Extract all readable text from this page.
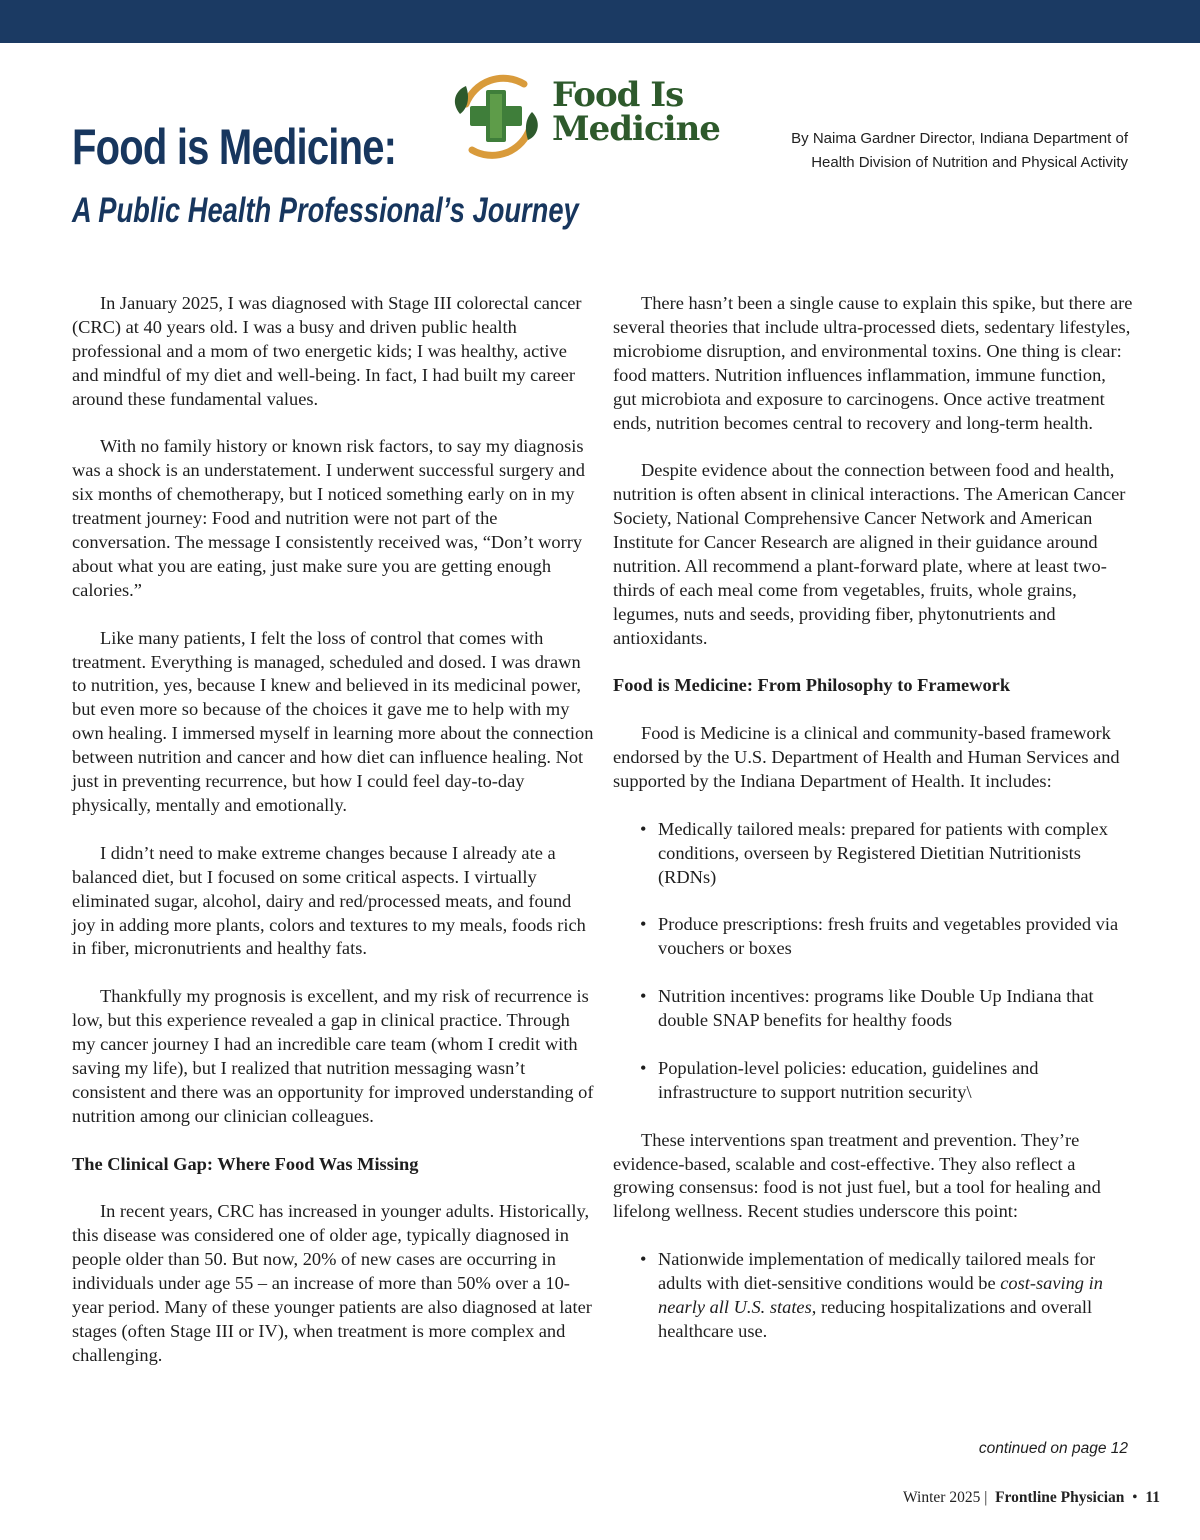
Food is Medicine:
A Public Health Professional’s Journey
Food Is
Medicine	By Naima Gardner Director, Indiana Department of Health Division of Nutrition and Physical Activity

In January 2025, I was diagnosed with Stage III colorectal cancer (CRC) at 40 years old. I was a busy and driven public health professional and a mom of two energetic kids; I was healthy, active and mindful of my diet and well-being. In fact, I had built my career around these fundamental values.

With no family history or known risk factors, to say my diagnosis was a shock is an understatement. I underwent successful surgery and six months of chemotherapy, but I noticed something early on in my treatment journey: Food and nutrition were not part of the conversation. The message I consistently received was, “Don’t worry about what you are eating, just make sure you are getting enough calories.”

Like many patients, I felt the loss of control that comes with treatment. Everything is managed, scheduled and dosed. I was drawn to nutrition, yes, because I knew and believed in its medicinal power, but even more so because of the choices it gave me to help with my own healing. I immersed myself in learning more about the connection between nutrition and cancer and how diet can influence healing. Not just in preventing recurrence, but how I could feel day-to-day physically, mentally and emotionally.

I didn’t need to make extreme changes because I already ate a balanced diet, but I focused on some critical aspects. I virtually eliminated sugar, alcohol, dairy and red/processed meats, and found joy in adding more plants, colors and textures to my meals, foods rich in fiber, micronutrients and healthy fats.

Thankfully my prognosis is excellent, and my risk of recurrence is low, but this experience revealed a gap in clinical practice. Through my cancer journey I had an incredible care team (whom I credit with saving my life), but I realized that nutrition messaging wasn’t consistent and there was an opportunity for improved understanding of nutrition among our clinician colleagues.

The Clinical Gap: Where Food Was Missing

In recent years, CRC has increased in younger adults. Historically, this disease was considered one of older age, typically diagnosed in people older than 50. But now, 20% of new cases are occurring in individuals under age 55 – an increase of more than 50% over a 10-year period. Many of these younger patients are also diagnosed at later stages (often Stage III or IV), when treatment is more complex and challenging.

There hasn’t been a single cause to explain this spike, but there are several theories that include ultra-processed diets, sedentary lifestyles, microbiome disruption, and environmental toxins. One thing is clear: food matters. Nutrition influences inflammation, immune function, gut microbiota and exposure to carcinogens. Once active treatment ends, nutrition becomes central to recovery and long-term health.

Despite evidence about the connection between food and health, nutrition is often absent in clinical interactions. The American Cancer Society, National Comprehensive Cancer Network and American Institute for Cancer Research are aligned in their guidance around nutrition. All recommend a plant-forward plate, where at least two-thirds of each meal come from vegetables, fruits, whole grains, legumes, nuts and seeds, providing fiber, phytonutrients and antioxidants.

Food is Medicine: From Philosophy to Framework

Food is Medicine is a clinical and community-based framework endorsed by the U.S. Department of Health and Human Services and supported by the Indiana Department of Health. It includes:

• Medically tailored meals: prepared for patients with complex conditions, overseen by Registered Dietitian Nutritionists (RDNs)
• Produce prescriptions: fresh fruits and vegetables provided via vouchers or boxes
• Nutrition incentives: programs like Double Up Indiana that double SNAP benefits for healthy foods
• Population-level policies: education, guidelines and infrastructure to support nutrition security\

These interventions span treatment and prevention. They’re evidence-based, scalable and cost-effective. They also reflect a growing consensus: food is not just fuel, but a tool for healing and lifelong wellness. Recent studies underscore this point:

• Nationwide implementation of medically tailored meals for adults with diet-sensitive conditions would be cost-saving in nearly all U.S. states, reducing hospitalizations and overall healthcare use.
continued on page 12
Winter 2025 |  Frontline Physician  •  11
